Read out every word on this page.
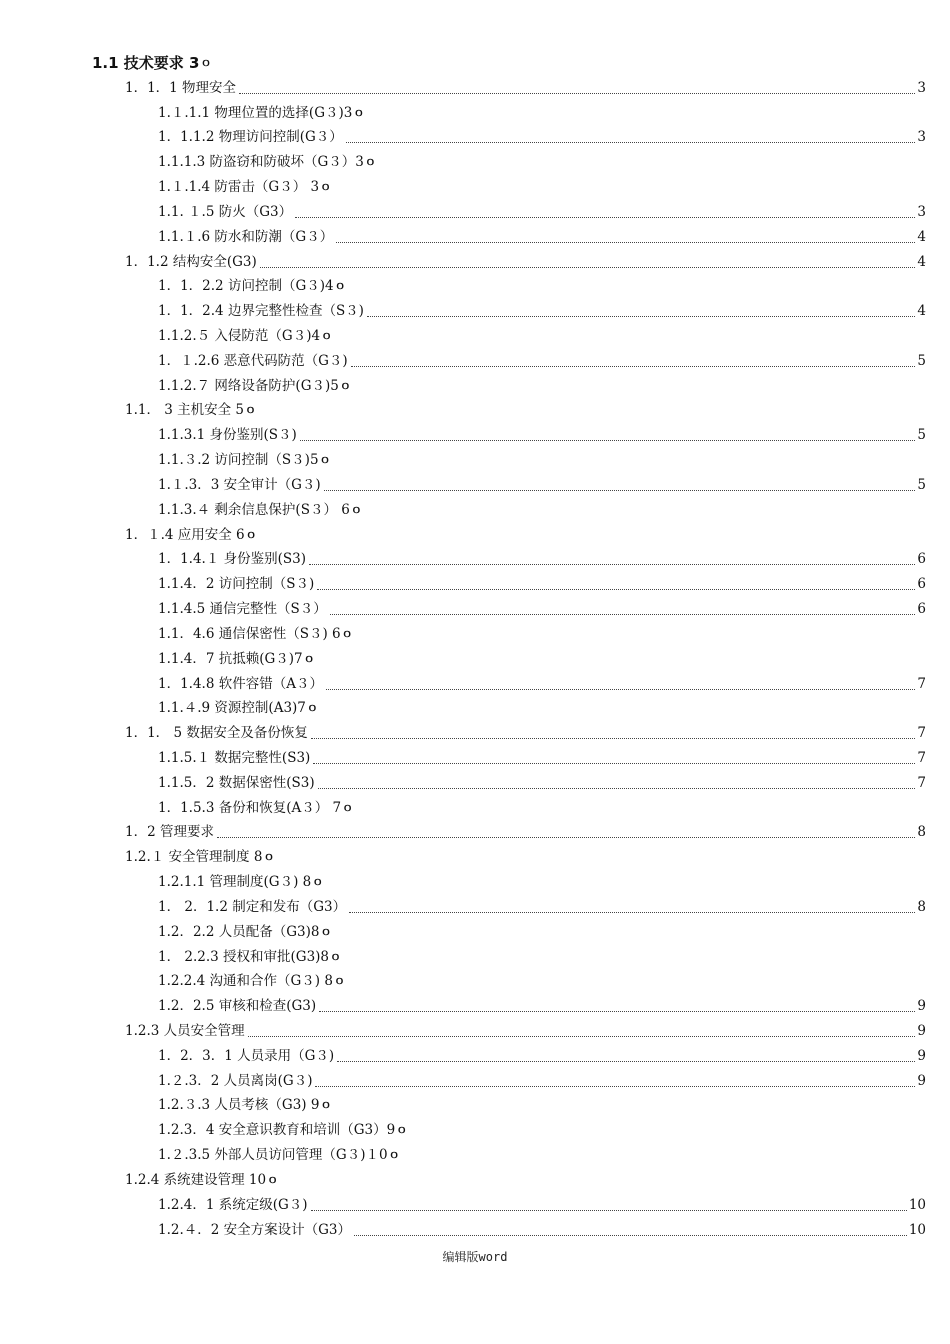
1.1 技术要求 3 ｏ
1．1．1 物理安全	3
1.１.1.1 物理位置的选择(G３)3 ｏ
1．1.1.2 物理访问控制(G３）	3
1.1.1.3 防盗窃和防破坏（G３）3 ｏ
1.１.1.4 防雷击（G３） 3 ｏ
1.1. １.5 防火（G3）	3
1.1.１.6 防水和防潮（G３）	4
1．1.2 结构安全(G3)	4
1．1．2.2 访问控制（G３)4 ｏ
1．1．2.4 边界完整性检查（S３)	4
1.1.2.５ 入侵防范（G３)4 ｏ
1．１.2.6 恶意代码防范（G３)	5
1.1.2.７ 网络设备防护(G３)5 ｏ
1.1． 3 主机安全 5 ｏ
1.1.3.1 身份鉴别(S３)	5
1.1.３.2 访问控制（S３)5 ｏ
1.１.3．3 安全审计（G３)	5
1.1.3.４ 剩余信息保护(S３） 6 ｏ
1．１.4 应用安全 6 ｏ
1．1.4.１ 身份鉴别(S3)	6
1.1.4．2 访问控制（S３)	6
1.1.4.5 通信完整性（S３）	6
1.1．4.6 通信保密性（S３) 6 ｏ
1.1.4．7 抗抵赖(G３)7 ｏ
1．1.4.8 软件容错（A３）	7
1.1.４.9 资源控制(A3)7 ｏ
1．1． 5 数据安全及备份恢复	7
1.1.5.１ 数据完整性(S3)	7
1.1.5．2 数据保密性(S3)	7
1．1.5.3 备份和恢复(A３） 7 ｏ
1．2 管理要求	8
1.2.１ 安全管理制度 8 ｏ
1.2.1.1 管理制度(G３) 8 ｏ
1． 2．1.2 制定和发布（G3）	8
1.2．2.2 人员配备（G3)8 ｏ
1． 2.2.3 授权和审批(G3)8 ｏ
1.2.2.4 沟通和合作（G３) 8 ｏ
1.2．2.5 审核和检查(G3)	9
1.2.3 人员安全管理	9
1．2．3．1 人员录用（G３)	9
1.２.3．2 人员离岗(G３)	9
1.2.３.3 人员考核（G3) 9 ｏ
1.2.3．4 安全意识教育和培训（G3）9 ｏ
1.２.3.5 外部人员访问管理（G３)１0 ｏ
1.2.4 系统建设管理 10 ｏ
1.2.4．1 系统定级(G３)	10
1.2.４．2 安全方案设计（G3）	10
编辑版word
